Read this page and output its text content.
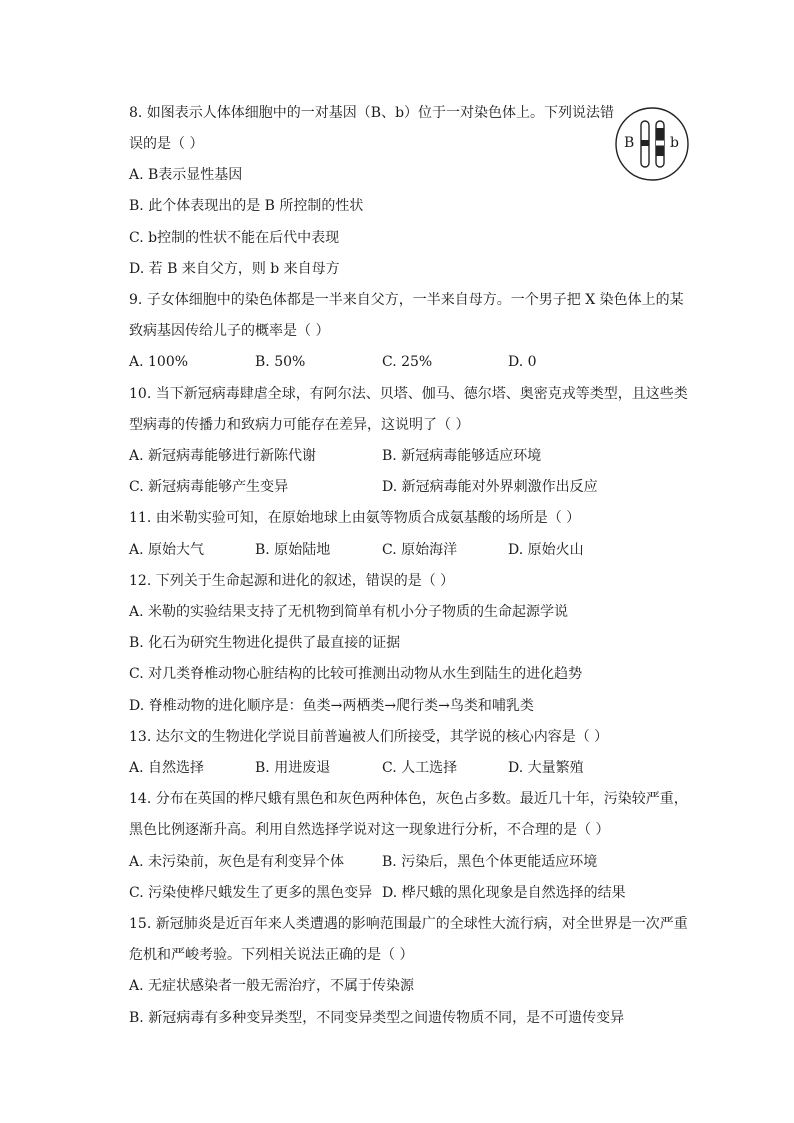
8. 如图表示人体体细胞中的一对基因（B、b）位于一对染色体上。下列说法错
误的是（ ）
A. B表示显性基因
B. 此个体表现出的是 B 所控制的性状
C. b控制的性状不能在后代中表现
D. 若 B 来自父方，则 b 来自母方
B	b
9. 子女体细胞中的染色体都是一半来自父方，一半来自母方。一个男子把 X 染色体上的某
致病基因传给儿子的概率是（ ）
A. 100%	B. 50%	C. 25%	D. 0
10. 当下新冠病毒肆虐全球，有阿尔法、贝塔、伽马、德尔塔、奥密克戎等类型，且这些类
型病毒的传播力和致病力可能存在差异，这说明了（ ）
A. 新冠病毒能够进行新陈代谢	B. 新冠病毒能够适应环境
C. 新冠病毒能够产生变异	D. 新冠病毒能对外界刺激作出反应
11. 由米勒实验可知，在原始地球上由氨等物质合成氨基酸的场所是（ ）
A. 原始大气	B. 原始陆地	C. 原始海洋	D. 原始火山
12. 下列关于生命起源和进化的叙述，错误的是（ ）
A. 米勒的实验结果支持了无机物到简单有机小分子物质的生命起源学说
B. 化石为研究生物进化提供了最直接的证据
C. 对几类脊椎动物心脏结构的比较可推测出动物从水生到陆生的进化趋势
D. 脊椎动物的进化顺序是：鱼类→两栖类→爬行类→鸟类和哺乳类
13. 达尔文的生物进化学说目前普遍被人们所接受，其学说的核心内容是（ ）
A. 自然选择	B. 用进废退	C. 人工选择	D. 大量繁殖
14. 分布在英国的桦尺蛾有黑色和灰色两种体色，灰色占多数。最近几十年，污染较严重，
黑色比例逐渐升高。利用自然选择学说对这一现象进行分析，不合理的是（ ）
A. 未污染前，灰色是有利变异个体	B. 污染后，黑色个体更能适应环境
C. 污染使桦尺蛾发生了更多的黑色变异 D. 桦尺蛾的黑化现象是自然选择的结果
15. 新冠肺炎是近百年来人类遭遇的影响范围最广的全球性大流行病，对全世界是一次严重
危机和严峻考验。下列相关说法正确的是（ ）
A. 无症状感染者一般无需治疗，不属于传染源
B. 新冠病毒有多种变异类型，不同变异类型之间遗传物质不同，是不可遗传变异
